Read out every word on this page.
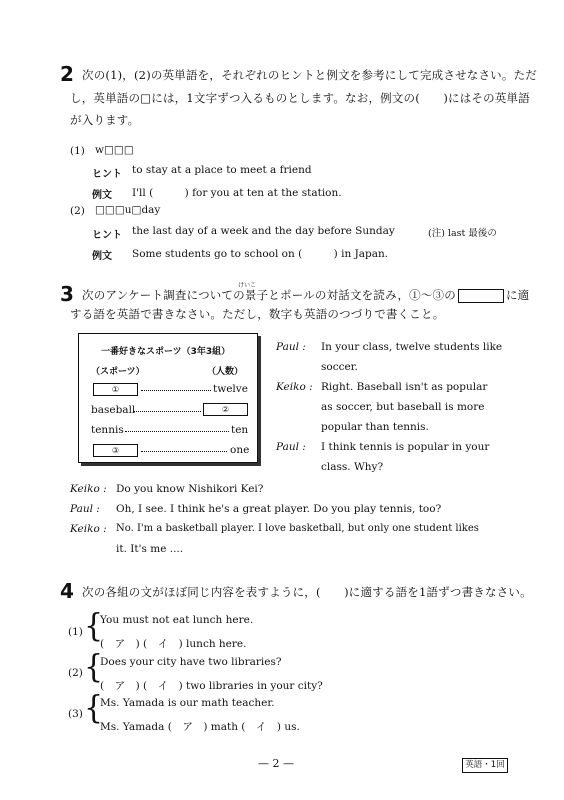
2 次の(1)，(2)の英単語を，それぞれのヒントと例文を参考にして完成させなさい。ただ
し，英単語の□には，1文字ずつ入るものとします。なお，例文の(　　)にはその英単語
が入ります。
(1) w□□□
ヒント to stay at a place to meet a friend
例文 I'll (　　　) for you at ten at the station.
(2) □□□u□day
ヒント the last day of a week and the day before Sunday	(注) last 最後の
例文 Some students go to school on (　　　) in Japan.
3	けいこ
次のアンケート調査についての景子とポールの対話文を読み，①～③の	に適
する語を英語で書きなさい。ただし，数字も英語のつづりで書くこと。
一番好きなスポーツ（3年3組）
（スポーツ）	（人数）
①	twelve
baseball	②
tennis	ten
③	one
Paul : In your class, twelve students like
soccer.
Keiko : Right. Baseball isn't as popular
as soccer, but baseball is more
popular than tennis.
Paul : I think tennis is popular in your
class. Why?
Keiko : Do you know Nishikori Kei?
Paul : Oh, I see. I think he's a great player. Do you play tennis, too?
Keiko : No. I'm a basketball player. I love basketball, but only one student likes
it. It's me ....
4 次の各組の文がほぼ同じ内容を表すように，(　　)に適する語を1語ずつ書きなさい。
(1) {
You must not eat lunch here.
(　ア　) (　イ　) lunch here.
(2) {
Does your city have two libraries?
(　ア　) (　イ　) two libraries in your city?
(3) {
Ms. Yamada is our math teacher.
Ms. Yamada (　ア　) math (　イ　) us.
— 2 —	英語・1回
